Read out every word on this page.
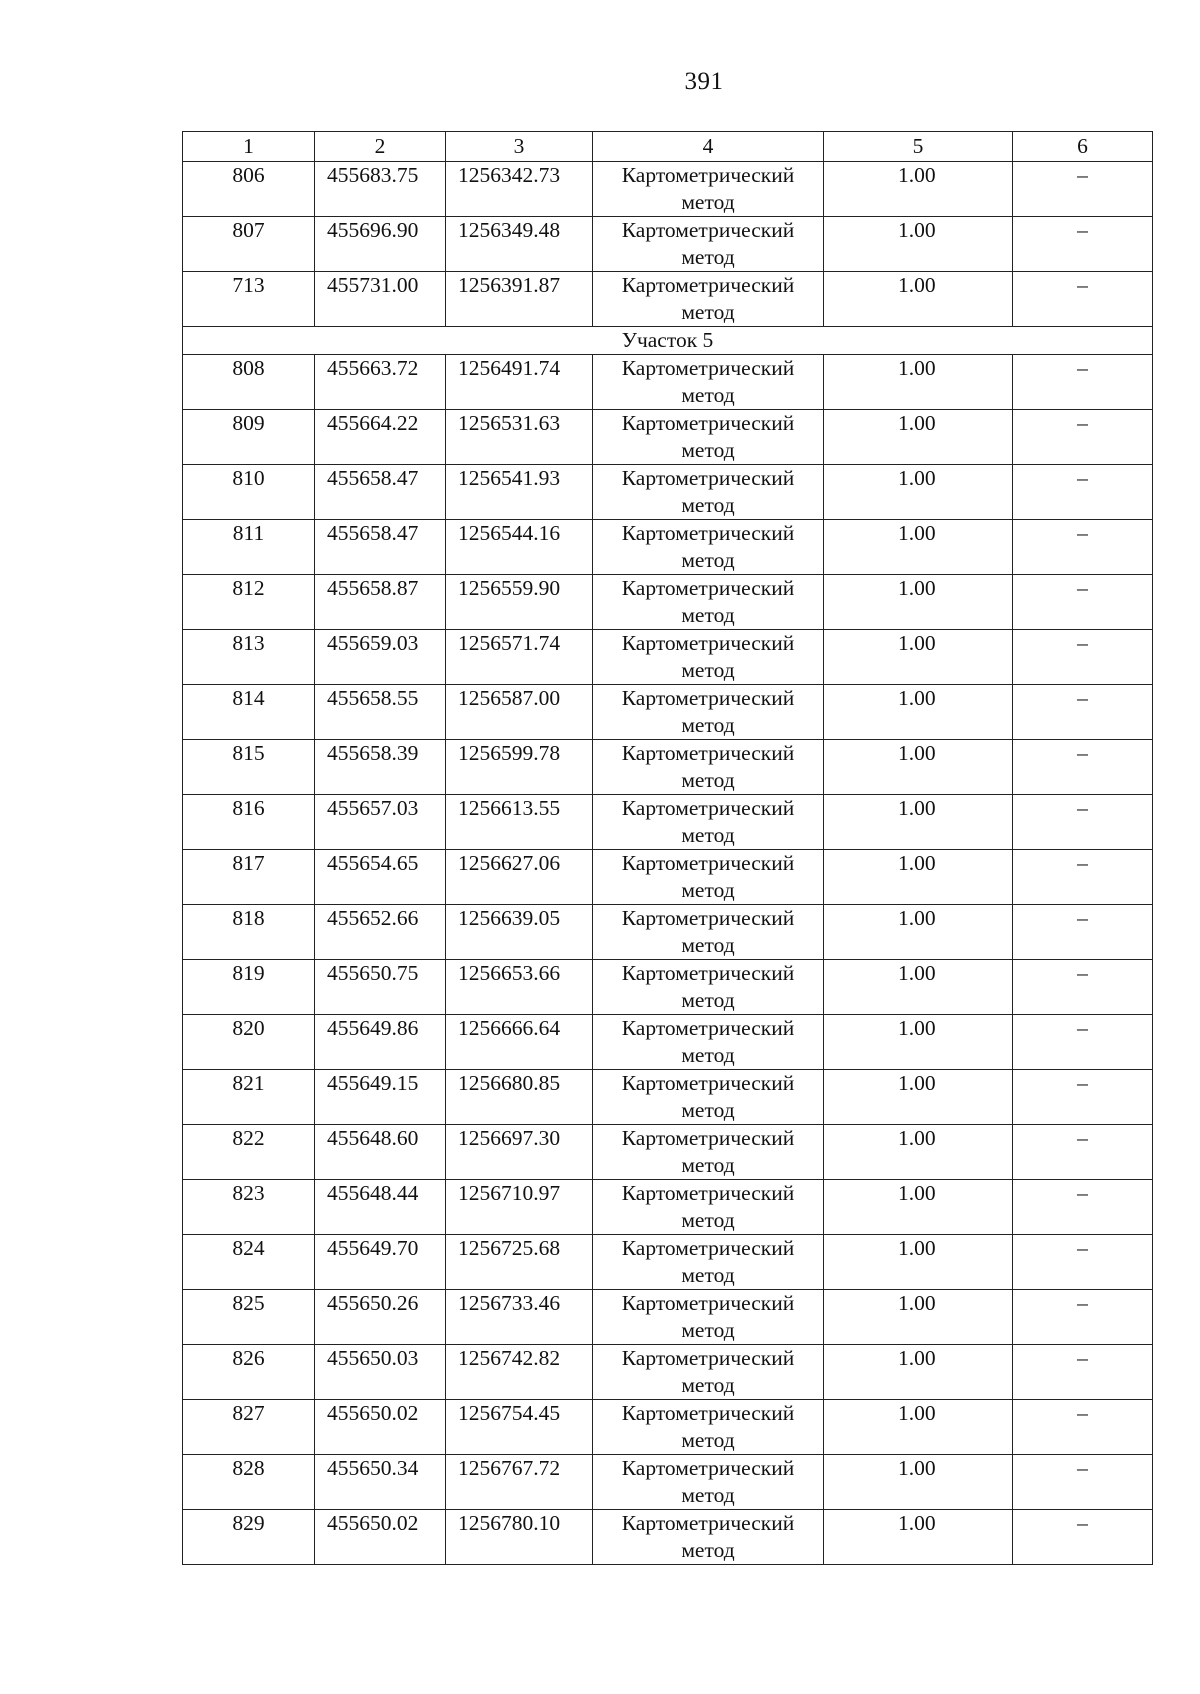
391
1	2	3	4	5	6
806	455683.75	1256342.73	Картометрический метод	1.00	–
807	455696.90	1256349.48	Картометрический метод	1.00	–
713	455731.00	1256391.87	Картометрический метод	1.00	–
Участок 5					
808	455663.72	1256491.74	Картометрический метод	1.00	–
809	455664.22	1256531.63	Картометрический метод	1.00	–
810	455658.47	1256541.93	Картометрический метод	1.00	–
811	455658.47	1256544.16	Картометрический метод	1.00	–
812	455658.87	1256559.90	Картометрический метод	1.00	–
813	455659.03	1256571.74	Картометрический метод	1.00	–
814	455658.55	1256587.00	Картометрический метод	1.00	–
815	455658.39	1256599.78	Картометрический метод	1.00	–
816	455657.03	1256613.55	Картометрический метод	1.00	–
817	455654.65	1256627.06	Картометрический метод	1.00	–
818	455652.66	1256639.05	Картометрический метод	1.00	–
819	455650.75	1256653.66	Картометрический метод	1.00	–
820	455649.86	1256666.64	Картометрический метод	1.00	–
821	455649.15	1256680.85	Картометрический метод	1.00	–
822	455648.60	1256697.30	Картометрический метод	1.00	–
823	455648.44	1256710.97	Картометрический метод	1.00	–
824	455649.70	1256725.68	Картометрический метод	1.00	–
825	455650.26	1256733.46	Картометрический метод	1.00	–
826	455650.03	1256742.82	Картометрический метод	1.00	–
827	455650.02	1256754.45	Картометрический метод	1.00	–
828	455650.34	1256767.72	Картометрический метод	1.00	–
829	455650.02	1256780.10	Картометрический метод	1.00	–
